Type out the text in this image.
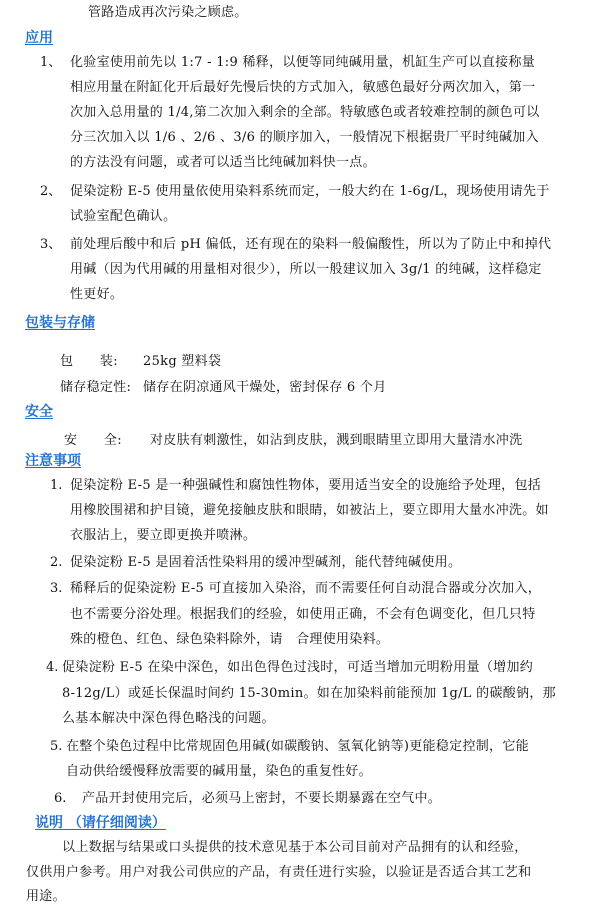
管路造成再次污染之顾虑。
应用
1、 化验室使用前先以 1:7 - 1:9 稀释，以便等同纯碱用量，机缸生产可以直接称量
相应用量在附缸化开后最好先慢后快的方式加入，敏感色最好分两次加入，第一
次加入总用量的 1/4,第二次加入剩余的全部。特敏感色或者较难控制的颜色可以
分三次加入以 1/6 、2/6 、3/6 的顺序加入，一般情况下根据贵厂平时纯碱加入
的方法没有问题，或者可以适当比纯碱加料快一点。
2、 促染淀粉 E-5 使用量依使用染料系统而定，一般大约在 1-6g/L，现场使用请先于
试验室配色确认。
3、 前处理后酸中和后 pH 偏低，还有现在的染料一般偏酸性，所以为了防止中和掉代
用碱（因为代用碱的用量相对很少），所以一般建议加入 3g/1 的纯碱，这样稳定
性更好。
包装与存储
包　　装: 25kg 塑料袋
储存稳定性: 储存在阴凉通风干燥处，密封保存 6 个月
安全
安　　全: 对皮肤有刺激性，如沾到皮肤，溅到眼睛里立即用大量清水冲洗
注意事项
1. 促染淀粉 E-5 是一种强碱性和腐蚀性物体，要用适当安全的设施给予处理，包括
用橡胶围裙和护目镜，避免接触皮肤和眼睛，如被沾上，要立即用大量水冲洗。如
衣服沾上，要立即更换并喷淋。
2. 促染淀粉 E-5 是固着活性染料用的缓冲型碱剂，能代替纯碱使用。
3. 稀释后的促染淀粉 E-5 可直接加入染浴，而不需要任何自动混合器或分次加入，
也不需要分浴处理。根据我们的经验，如使用正确，不会有色调变化，但几只特
殊的橙色、红色、绿色染料除外，请　合理使用染料。
4. 促染淀粉 E-5 在染中深色，如出色得色过浅时，可适当增加元明粉用量（增加约
8-12g/L）或延长保温时间约 15-30min。如在加染料前能预加 1g/L 的碳酸钠，那
么基本解决中深色得色略浅的问题。
5. 在整个染色过程中比常规固色用碱(如碳酸钠、氢氧化钠等)更能稳定控制，它能
自动供给缓慢释放需要的碱用量，染色的重复性好。
6. 产品开封使用完后，必须马上密封，不要长期暴露在空气中。
说明 （请仔细阅读）
以上数据与结果或口头提供的技术意见基于本公司目前对产品拥有的认和经验，
仅供用户参考。用户对我公司供应的产品，有责任进行实验，以验证是否适合其工艺和
用途。
